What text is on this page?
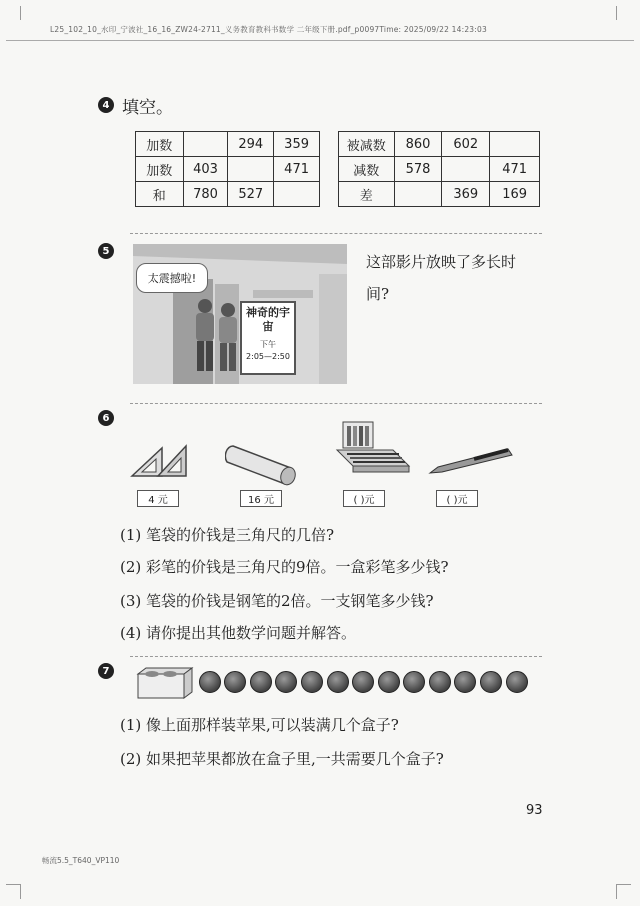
L25_102_10_水印_宁波社_16_16_ZW24-2711_义务教育教科书数学 二年级下册.pdf_p0097Time: 2025/09/22 14:23:03
4 填空。
加数		294	359
加数	403		471
和	780	527	
被减数	860	602	
减数	578		471
差		369	169
5
太震撼啦!
神奇的宇宙
下午
2:05—2:50
这部影片放映了多长时间?
6
4 元	16 元	( )元	( )元
(1) 笔袋的价钱是三角尺的几倍?
(2) 彩笔的价钱是三角尺的9倍。一盒彩笔多少钱?
(3) 笔袋的价钱是钢笔的2倍。一支钢笔多少钱?
(4) 请你提出其他数学问题并解答。
7
(1) 像上面那样装苹果,可以装满几个盒子?
(2) 如果把苹果都放在盒子里,一共需要几个盒子?
93
畅流5.5_T640_VP110
